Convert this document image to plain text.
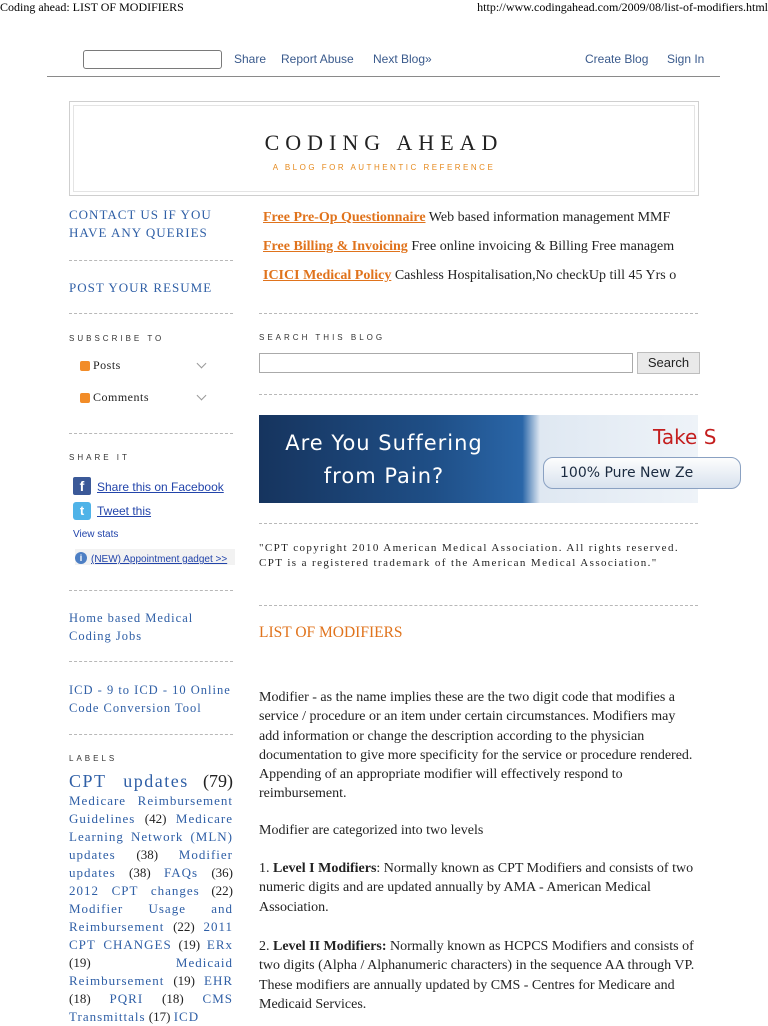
Coding ahead: LIST OF MODIFIERS	http://www.codingahead.com/2009/08/list-of-modifiers.html
Share Report Abuse Next Blog»	Create Blog Sign In
CODING AHEAD
A BLOG FOR AUTHENTIC REFERENCE
CONTACT US IF YOU HAVE ANY QUERIES
POST YOUR RESUME
SUBSCRIBE TO
Posts
Comments
SHARE IT
f Share this on Facebook
t Tweet this
View stats
i (NEW) Appointment gadget >>
Home based Medical Coding Jobs
ICD - 9 to ICD - 10 Online Code Conversion Tool
LABELS
CPT updates (79) Medicare Reimbursement Guidelines (42) Medicare Learning Network (MLN) updates (38) Modifier updates (38) FAQs (36) 2012 CPT changes (22) Modifier Usage and Reimbursement (22) 2011 CPT CHANGES (19) ERx (19)	Medicaid Reimbursement (19) EHR (18) PQRI (18) CMS Transmittals (17) ICD
Free Pre-Op Questionnaire Web based information management MMF
Free Billing & Invoicing Free online invoicing & Billing Free managem
ICICI Medical Policy Cashless Hospitalisation,No checkUp till 45 Yrs o
SEARCH THIS BLOG
Search
Are You Suffering
from Pain?
Take S
100% Pure New Ze
"CPT copyright 2010 American Medical Association. All rights reserved. CPT is a registered trademark of the American Medical Association."
LIST OF MODIFIERS
Modifier - as the name implies these are the two digit code that modifies a service / procedure or an item under certain circumstances. Modifiers may add information or change the description according to the physician documentation to give more specificity for the service or procedure rendered. Appending of an appropriate modifier will effectively respond to reimbursement.
Modifier are categorized into two levels
1. Level I Modifiers: Normally known as CPT Modifiers and consists of two numeric digits and are updated annually by AMA - American Medical Association.
2. Level II Modifiers: Normally known as HCPCS Modifiers and consists of two digits (Alpha / Alphanumeric characters) in the sequence AA through VP. These modifiers are annually updated by CMS - Centres for Medicare and Medicaid Services.
